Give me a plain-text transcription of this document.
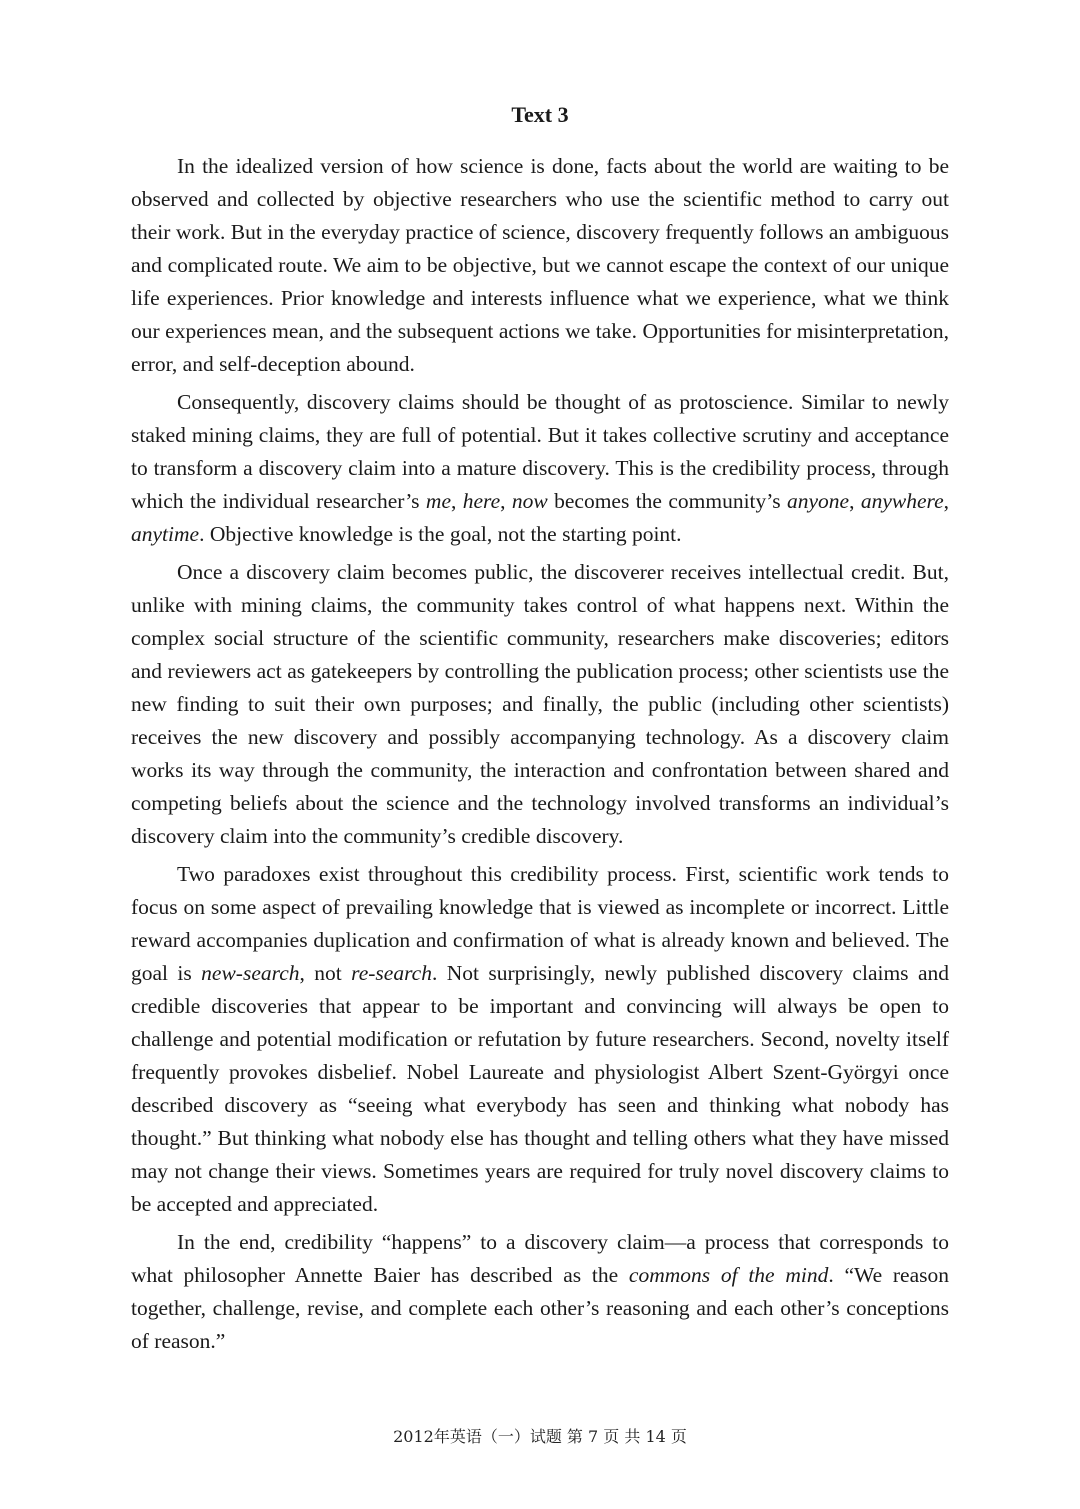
Text 3

In the idealized version of how science is done, facts about the world are waiting to be observed and collected by objective researchers who use the scientific method to carry out their work. But in the everyday practice of science, discovery frequently follows an ambiguous and complicated route. We aim to be objective, but we cannot escape the context of our unique life experiences. Prior knowledge and interests influence what we experience, what we think our experiences mean, and the subsequent actions we take. Opportunities for misinterpretation, error, and self-deception abound.

Consequently, discovery claims should be thought of as protoscience. Similar to newly staked mining claims, they are full of potential. But it takes collective scrutiny and acceptance to transform a discovery claim into a mature discovery. This is the credibility process, through which the individual researcher’s me, here, now becomes the community’s anyone, anywhere, anytime. Objective knowledge is the goal, not the starting point.

Once a discovery claim becomes public, the discoverer receives intellectual credit. But, unlike with mining claims, the community takes control of what happens next. Within the complex social structure of the scientific community, researchers make discoveries; editors and reviewers act as gatekeepers by controlling the publication process; other scientists use the new finding to suit their own purposes; and finally, the public (including other scientists) receives the new discovery and possibly accompanying technology. As a discovery claim works its way through the community, the interaction and confrontation between shared and competing beliefs about the science and the technology involved transforms an individual’s discovery claim into the community’s credible discovery.

Two paradoxes exist throughout this credibility process. First, scientific work tends to focus on some aspect of prevailing knowledge that is viewed as incomplete or incorrect. Little reward accompanies duplication and confirmation of what is already known and believed. The goal is new-search, not re-search. Not surprisingly, newly published discovery claims and credible discoveries that appear to be important and convincing will always be open to challenge and potential modification or refutation by future researchers. Second, novelty itself frequently provokes disbelief. Nobel Laureate and physiologist Albert Szent-Györgyi once described discovery as “seeing what everybody has seen and thinking what nobody has thought.” But thinking what nobody else has thought and telling others what they have missed may not change their views. Sometimes years are required for truly novel discovery claims to be accepted and appreciated.

In the end, credibility “happens” to a discovery claim—a process that corresponds to what philosopher Annette Baier has described as the commons of the mind. “We reason together, challenge, revise, and complete each other’s reasoning and each other’s conceptions of reason.”

2012年英语（一）试题 第 7 页 共 14 页
